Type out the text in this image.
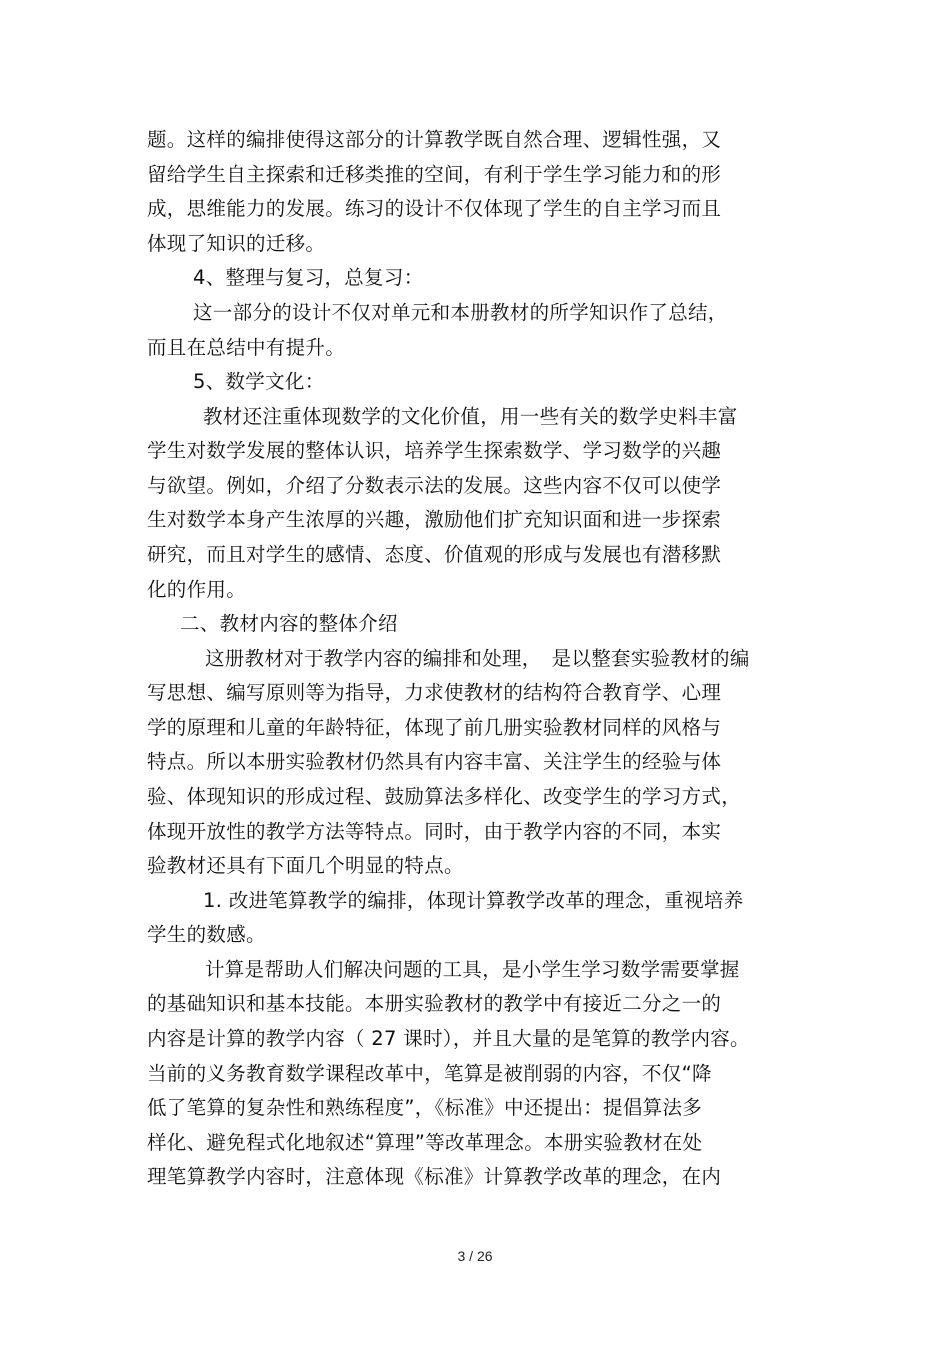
题。这样的编排使得这部分的计算教学既自然合理、逻辑性强，又
留给学生自主探索和迁移类推的空间，有利于学生学习能力和的形
成，思维能力的发展。练习的设计不仅体现了学生的自主学习而且
体现了知识的迁移。
4、整理与复习，总复习：
这一部分的设计不仅对单元和本册教材的所学知识作了总结，
而且在总结中有提升。
5、数学文化：
教材还注重体现数学的文化价值，用一些有关的数学史料丰富
学生对数学发展的整体认识，培养学生探索数学、学习数学的兴趣
与欲望。例如，介绍了分数表示法的发展。这些内容不仅可以使学
生对数学本身产生浓厚的兴趣，激励他们扩充知识面和进一步探索
研究，而且对学生的感情、态度、价值观的形成与发展也有潜移默
化的作用。
二、教材内容的整体介绍
这册教材对于教学内容的编排和处理，　是以整套实验教材的编
写思想、编写原则等为指导，力求使教材的结构符合教育学、心理
学的原理和儿童的年龄特征，体现了前几册实验教材同样的风格与
特点。所以本册实验教材仍然具有内容丰富、关注学生的经验与体
验、体现知识的形成过程、鼓励算法多样化、改变学生的学习方式，
体现开放性的教学方法等特点。同时，由于教学内容的不同，本实
验教材还具有下面几个明显的特点。
1. 改进笔算教学的编排，体现计算教学改革的理念，重视培养
学生的数感。
计算是帮助人们解决问题的工具，是小学生学习数学需要掌握
的基础知识和基本技能。本册实验教材的教学中有接近二分之一的
内容是计算的教学内容（ 27 课时），并且大量的是笔算的教学内容。
当前的义务教育数学课程改革中，笔算是被削弱的内容，不仅“降
低了笔算的复杂性和熟练程度”，《标准》中还提出：提倡算法多
样化、避免程式化地叙述“算理”等改革理念。本册实验教材在处
理笔算教学内容时，注意体现《标准》计算教学改革的理念，在内
3 / 26
